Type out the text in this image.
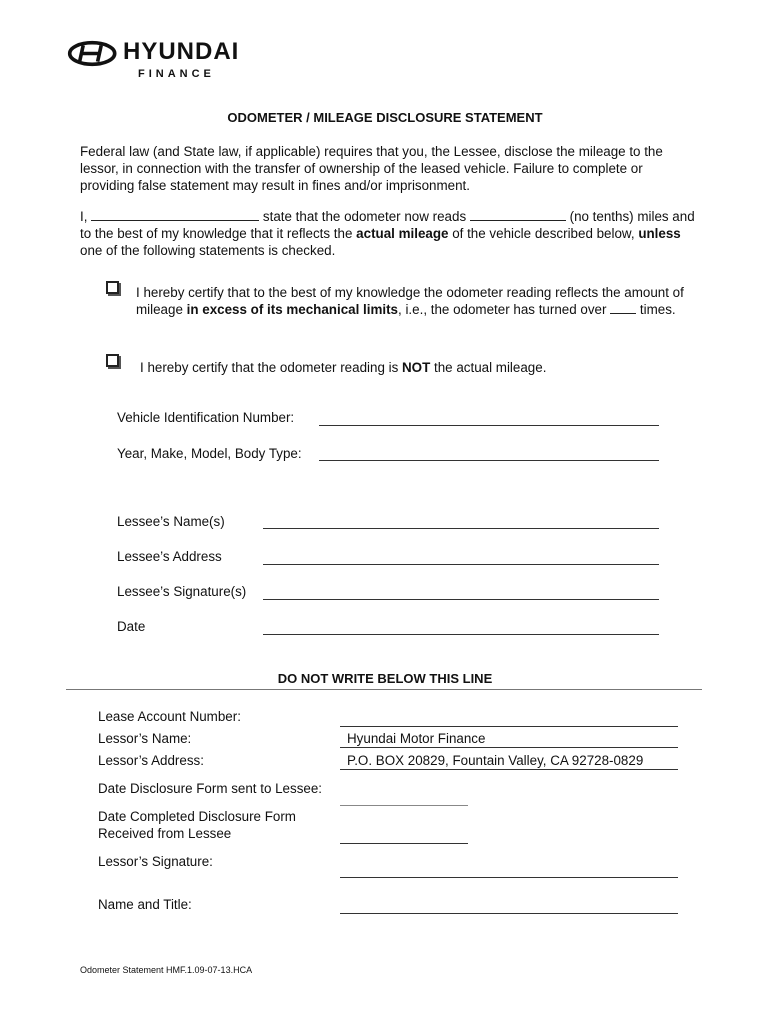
HYUNDAI
FINANCE
ODOMETER / MILEAGE DISCLOSURE STATEMENT
Federal law (and State law, if applicable) requires that you, the Lessee, disclose the mileage to the lessor, in connection with the transfer of ownership of the leased vehicle. Failure to complete or providing false statement may result in fines and/or imprisonment.
I,	state that the odometer now reads	(no tenths) miles and to the best of my knowledge that it reflects the actual mileage of the vehicle described below, unless one of the following statements is checked.
I hereby certify that to the best of my knowledge the odometer reading reflects the amount of mileage in excess of its mechanical limits, i.e., the odometer has turned over times.
I hereby certify that the odometer reading is NOT the actual mileage.
Vehicle Identification Number:
Year, Make, Model, Body Type:
Lessee’s Name(s)
Lessee’s Address
Lessee’s Signature(s)
Date
DO NOT WRITE BELOW THIS LINE
Lease Account Number:
Lessor’s Name:	Hyundai Motor Finance
Lessor’s Address:	P.O. BOX 20829, Fountain Valley, CA 92728-0829
Date Disclosure Form sent to Lessee:
Date Completed Disclosure Form
Received from Lessee
Lessor’s Signature:
Name and Title:
Odometer Statement HMF.1.09-07-13.HCA
